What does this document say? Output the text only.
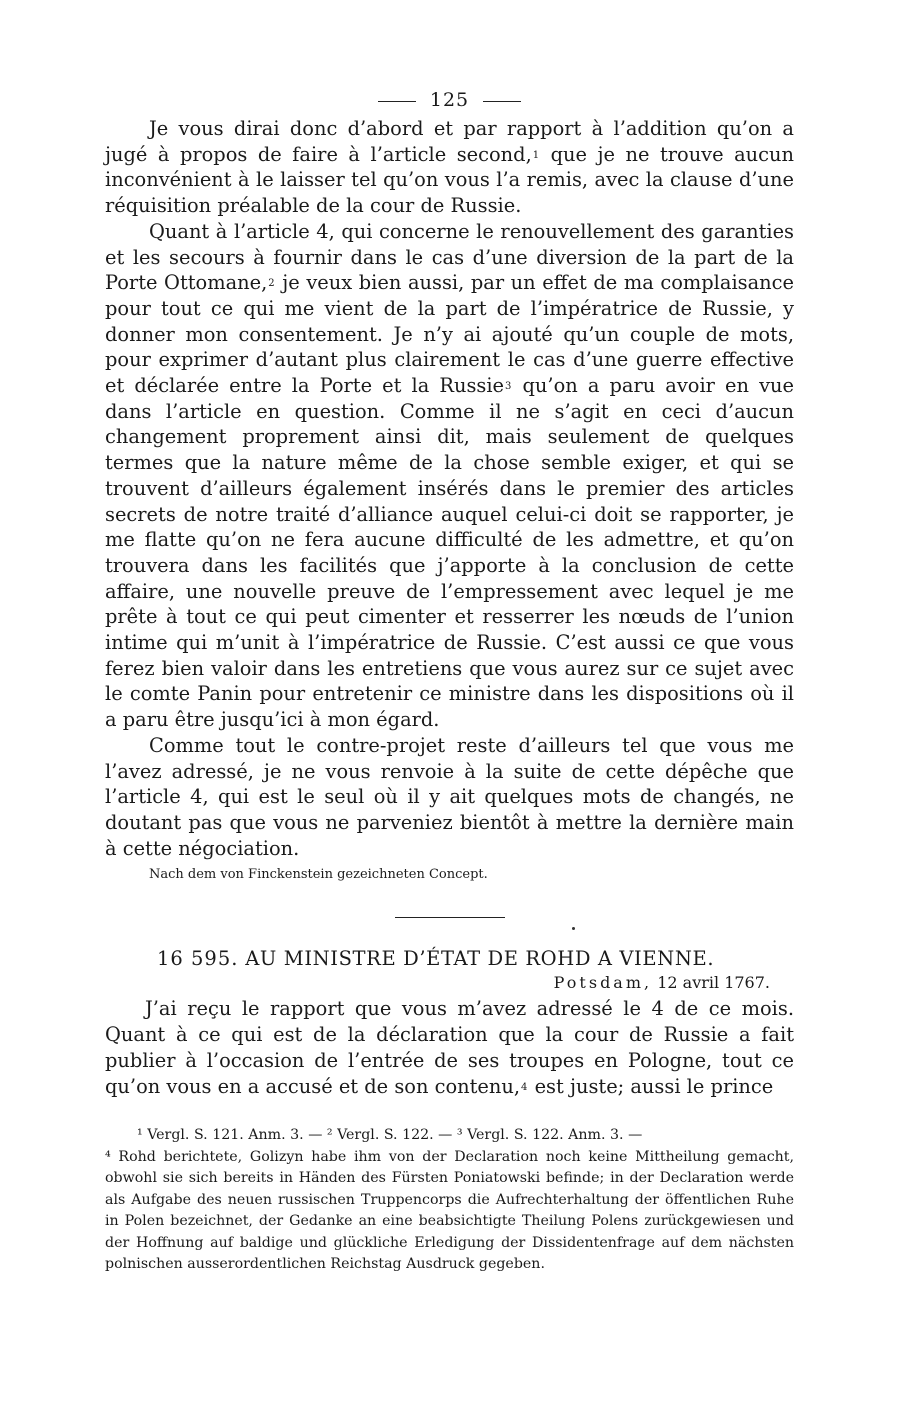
125

Je vous dirai donc d’abord et par rapport à l’addition qu’on a jugé à propos de faire à l’article second,$^1$ que je ne trouve aucun inconvénient à le laisser tel qu’on vous l’a remis, avec la clause d’une réquisition préalable de la cour de Russie.

Quant à l’article 4, qui concerne le renouvellement des garanties et les secours à fournir dans le cas d’une diversion de la part de la Porte Ottomane,$^2$ je veux bien aussi, par un effet de ma complaisance pour tout ce qui me vient de la part de l’impératrice de Russie, y donner mon consentement. Je n’y ai ajouté qu’un couple de mots, pour exprimer d’autant plus clairement le cas d’une guerre effective et déclarée entre la Porte et la Russie$^3$ qu’on a paru avoir en vue dans l’article en question. Comme il ne s’agit en ceci d’aucun changement proprement ainsi dit, mais seulement de quelques termes que la nature même de la chose semble exiger, et qui se trouvent d’ailleurs également insérés dans le premier des articles secrets de notre traité d’alliance auquel celui-ci doit se rapporter, je me flatte qu’on ne fera aucune difficulté de les admettre, et qu’on trouvera dans les facilités que j’apporte à la conclusion de cette affaire, une nouvelle preuve de l’empressement avec lequel je me prête à tout ce qui peut cimenter et resserrer les nœuds de l’union intime qui m’unit à l’impératrice de Russie. C’est aussi ce que vous ferez bien valoir dans les entretiens que vous aurez sur ce sujet avec le comte Panin pour entretenir ce ministre dans les dispositions où il a paru être jusqu’ici à mon égard.

Comme tout le contre-projet reste d’ailleurs tel que vous me l’avez adressé, je ne vous renvoie à la suite de cette dépêche que l’article 4, qui est le seul où il y ait quelques mots de changés, ne doutant pas que vous ne parveniez bientôt à mettre la dernière main à cette négociation.

Nach dem von Finckenstein gezeichneten Concept.
16 595. AU MINISTRE D’ÉTAT DE ROHD A VIENNE.
Potsdam, 12 avril 1767.

J’ai reçu le rapport que vous m’avez adressé le 4 de ce mois. Quant à ce qui est de la déclaration que la cour de Russie a fait publier à l’occasion de l’entrée de ses troupes en Pologne, tout ce qu’on vous en a accusé et de son contenu,$^4$ est juste; aussi le prince

¹ Vergl. S. 121. Anm. 3. — ² Vergl. S. 122. — ³ Vergl. S. 122. Anm. 3. —

⁴ Rohd berichtete, Golizyn habe ihm von der Declaration noch keine Mittheilung gemacht, obwohl sie sich bereits in Händen des Fürsten Poniatowski befinde; in der Declaration werde als Aufgabe des neuen russischen Truppencorps die Aufrechterhaltung der öffentlichen Ruhe in Polen bezeichnet, der Gedanke an eine beabsichtigte Theilung Polens zurückgewiesen und der Hoffnung auf baldige und glückliche Erledigung der Dissidentenfrage auf dem nächsten polnischen ausserordentlichen Reichstag Ausdruck gegeben.
